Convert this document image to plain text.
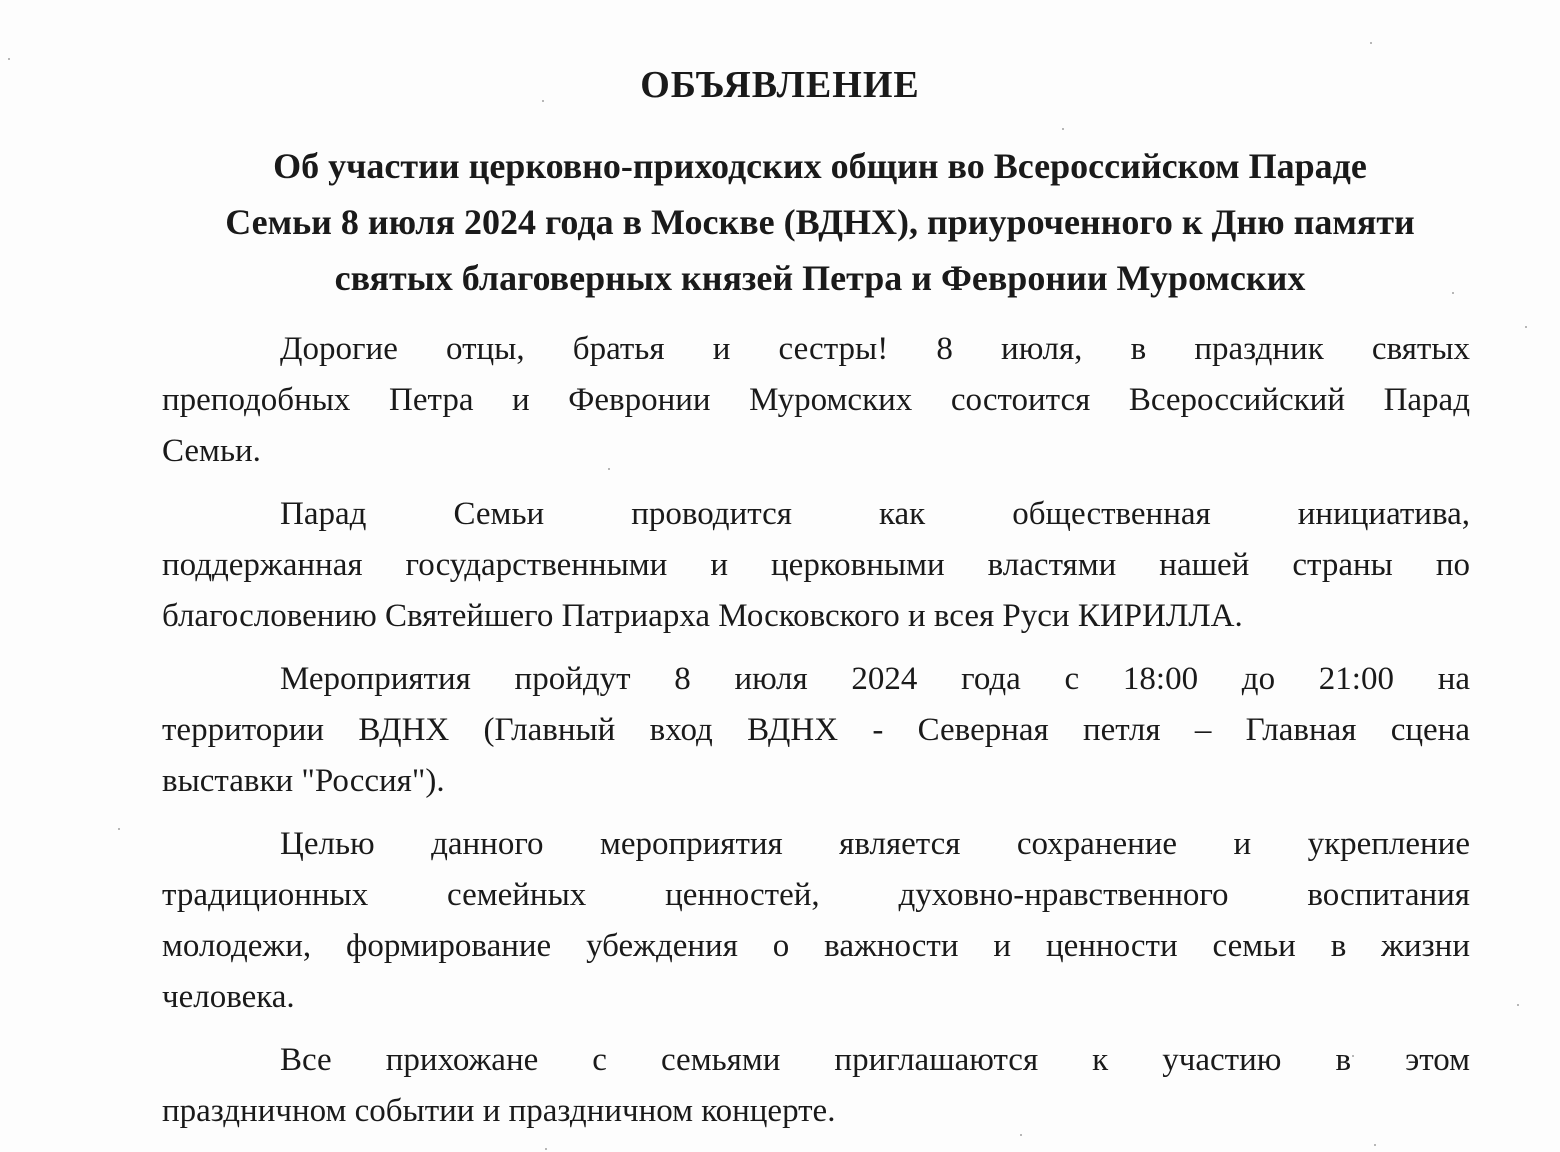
ОБЪЯВЛЕНИЕ
Об участии церковно-приходских общин во Всероссийском Параде
Семьи 8 июля 2024 года в Москве (ВДНХ), приуроченного к Дню памяти
святых благоверных князей Петра и Февронии Муромских

Дорогие отцы, братья и сестры! 8 июля, в праздник святых
преподобных Петра и Февронии Муромских состоится Всероссийский Парад
Семьи.

Парад Семьи проводится как общественная инициатива,
поддержанная государственными и церковными властями нашей страны по
благословению Святейшего Патриарха Московского и всея Руси КИРИЛЛА.

Мероприятия пройдут 8 июля 2024 года с 18:00 до 21:00 на
территории ВДНХ (Главный вход ВДНХ - Северная петля – Главная сцена
выставки "Россия").

Целью данного мероприятия является сохранение и укрепление
традиционных семейных ценностей, духовно-нравственного воспитания
молодежи, формирование убеждения о важности и ценности семьи в жизни
человека.

Все прихожане с семьями приглашаются к участию в этом
праздничном событии и праздничном концерте.
